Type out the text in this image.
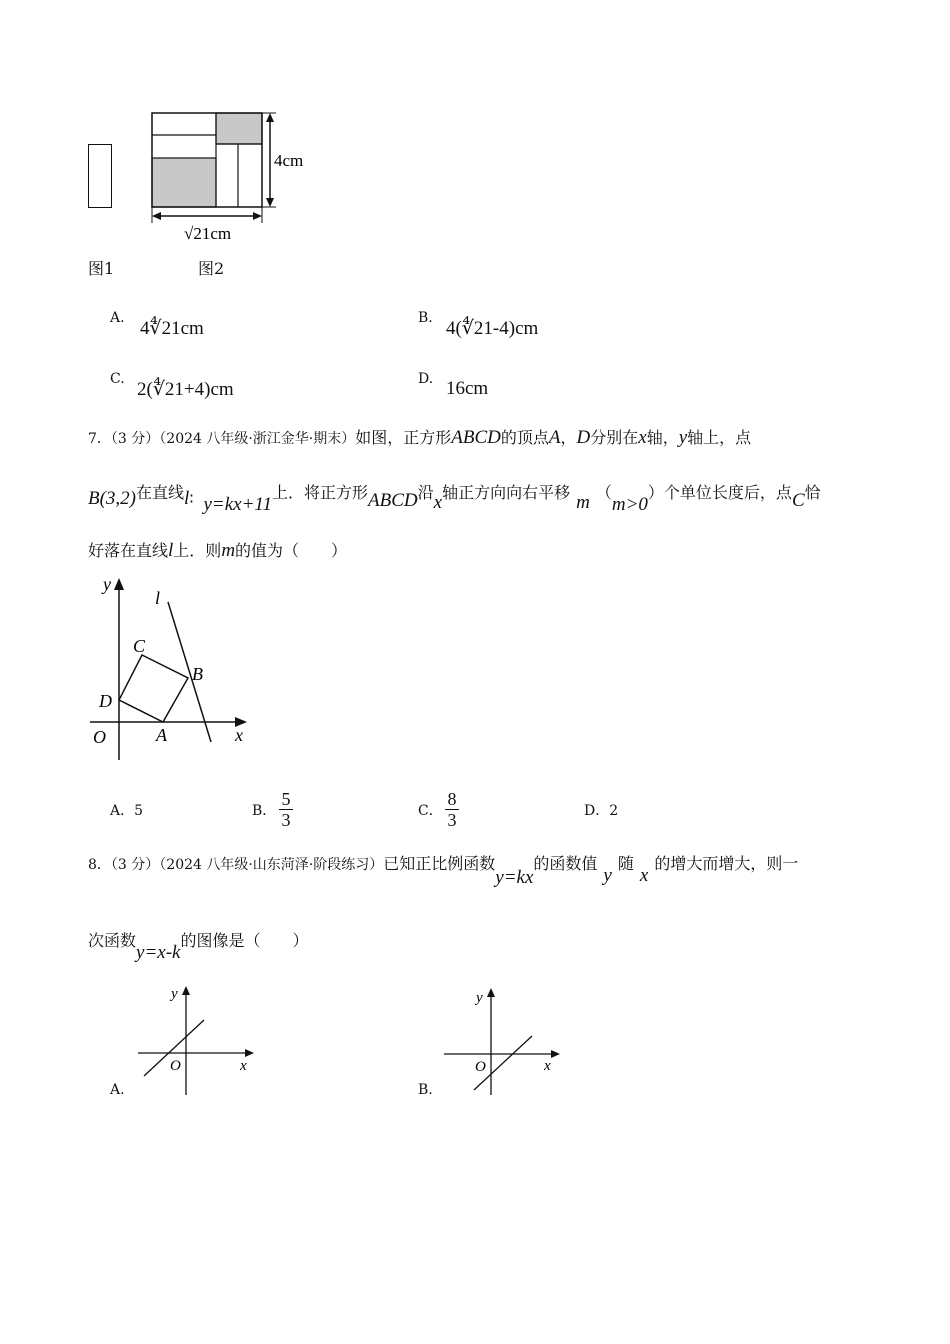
4cm
√21cm
图1	图2
A. 4∜21cm	B. 4(∜21-4)cm
C. 2(∜21+4)cm	D. 16cm
7．（3 分）（2024 八年级·浙江金华·期末）如图，正方形ABCD的顶点A，D分别在x轴，y轴上，点
B(3,2)在直线l∶ y=kx+11上．将正方形ABCD沿x轴正方向向右平移 m （m>0）个单位长度后，点C恰
好落在直线l上．则m的值为（　　）
y
l
C
B
D
O	A	x
A．5	B．
5
3	C．
8
3	D．2
8．（3 分）（2024 八年级·山东菏泽·阶段练习）已知正比例函数y=kx的函数值y随x的增大而增大，则一
次函数y=x-k的图像是（　　）
y
x
O
A.
y
x
O
B.
